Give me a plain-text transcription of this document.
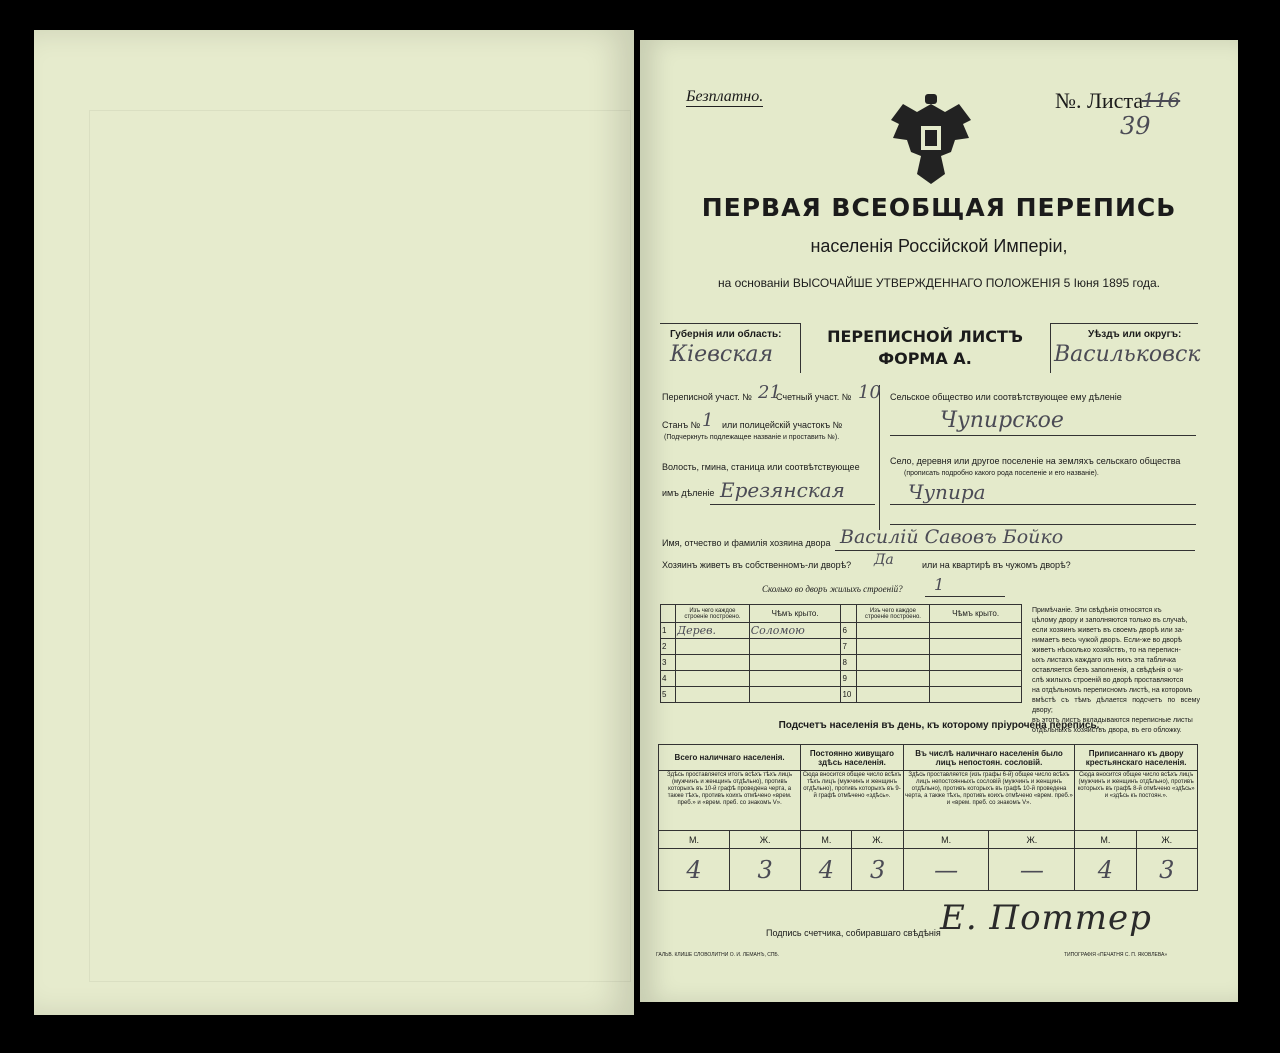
Безплатно.	№. Листа
116
39
ПЕРВАЯ ВСЕОБЩАЯ ПЕРЕПИСЬ
населенія Россійской Имперіи,
на основаніи ВЫСОЧАЙШЕ УТВЕРЖДЕННАГО ПОЛОЖЕНІЯ 5 Іюня 1895 года.
Губернія или область:
Кіевская
ПЕРЕПИСНОЙ ЛИСТЪ
ФОРМА А.
Уѣздъ или округъ:
Васильковск
Переписной участ. № 21
Счетный участ. № 10
Станъ № 1 или полицейскій участокъ №
(Подчеркнуть подлежащее названіе и проставить №).
Волость, гмина, станица или соотвѣтствующее
имъ дѣленіе Ерезянская
Сельское общество или соотвѣтствующее ему дѣленіе
Чупирское
Село, деревня или другое поселеніе на земляхъ сельскаго общества
(прописать подробно какого рода поселеніе и его названіе).
Чупира
Имя, отчество и фамилія хозяина двора Василій Савовъ Бойко
Хозяинъ живетъ въ собственномъ-ли дворѣ? Да	или на квартирѣ въ чужомъ дворѣ?
Сколько во дворъ жилыхъ строеній? 1
	Изъ чего каждое строеніе построено.	Чѣмъ крыто.		Изъ чего каждое строеніе построено.	Чѣмъ крыто.
1	Дерев.	Соломою	6		
2			7		
3			8		
4			9		
5			10		
Примѣчаніе. Эти свѣдѣнія относятся къ
цѣлому двору и заполняются только въ случаѣ,
если хозяинъ живетъ въ своемъ дворѣ или за-
нимаетъ весь чужой дворъ. Если-же во дворѣ
живетъ нѣсколько хозяйствъ, то на переписн-
ыхъ листахъ каждаго изъ нихъ эта табличка
оставляется безъ заполненія, а свѣдѣнія о чи-
слѣ жилыхъ строеній во дворѣ проставляются
на отдѣльномъ переписномъ листѣ, на которомъ
вмѣстѣ съ тѣмъ дѣлается подсчетъ по всему двору;
въ этотъ листъ вкладываются переписные листы
отдѣльныхъ хозяйствъ двора, въ его обложку.
Подсчетъ населенія въ день, къ которому пріурочена перепись.
Всего наличнаго населенія.		Постоянно живущаго здѣсь населенія.		Въ числѣ наличнаго населенія было лицъ непостоян. сословій.		Приписаннаго къ двору крестьянскаго населенія.	
Здѣсь проставляется итогъ всѣхъ тѣхъ лицъ (мужчинъ и женщинъ отдѣльно), противъ которыхъ въ 10-й графѣ проведена черта, а также тѣхъ, противъ коихъ отмѣчено «врем. преб.» и «врем. преб. со знакомъ V».		Сюда вносится общее число всѣхъ тѣхъ лицъ (мужчинъ и женщинъ отдѣльно), противъ которыхъ въ 9-й графѣ отмѣчено «здѣсь».		Здѣсь проставляется (изъ графы 6-й) общее число всѣхъ лицъ непостоянныхъ сословій (мужчинъ и женщинъ отдѣльно), противъ которыхъ въ графѣ 10-й проведена черта, а также тѣхъ, противъ коихъ отмѣчено «врем. преб.» и «врем. преб. со знакомъ V».		Сюда вносится общее число всѣхъ лицъ (мужчинъ и женщинъ отдѣльно), противъ которыхъ въ графѣ 8-й отмѣчено «здѣсь» и «здѣсь къ постоян.».	
М.	Ж.	М.	Ж.	М.	Ж.	М.	Ж.
4	3	4	3	—	—	4	3
Подпись счетчика, собиравшаго свѣдѣнія Е. Поттер
ГАЛЬВ. КЛИШЕ СЛОВОЛИТНИ О. И. ЛЕМАНЪ, СПБ.	ТИПОГРАФІЯ «ПЕЧАТНЯ С. П. ЯКОВЛЕВА»
